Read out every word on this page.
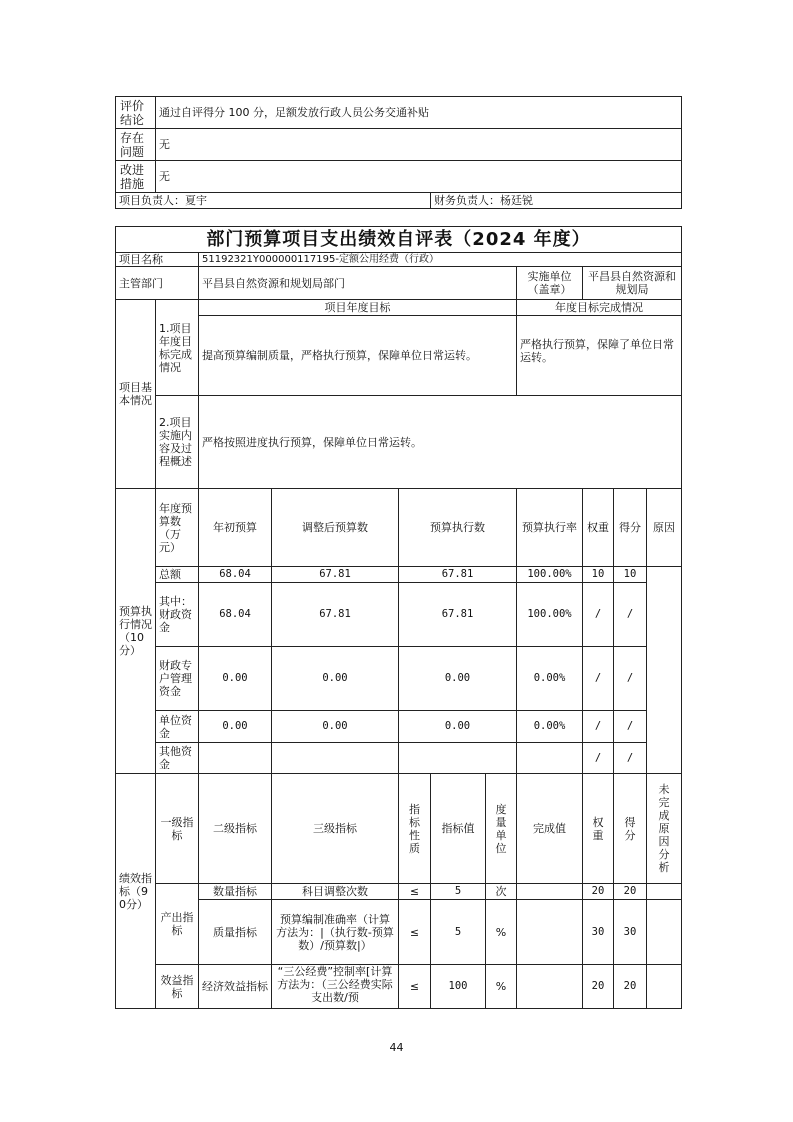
评价结论	通过自评得分 100 分，足额发放行政人员公务交通补贴	
存在问题	无	
改进措施	无	
项目负责人：夏宇		财务负责人：杨廷锐
部门预算项目支出绩效自评表（2024 年度）										
项目名称		51192321Y000000117195-定额公用经费（行政）								
主管部门		平昌县自然资源和规划局部门					实施单位（盖章）	平昌县自然资源和规划局		
项目基本情况	1.项目年度目标完成情况	项目年度目标					年度目标完成情况			
		提高预算编制质量，严格执行预算，保障单位日常运转。					严格执行预算，保障了单位日常运转。			
	2.项目实施内容及过程概述	严格按照进度执行预算，保障单位日常运转。								
预算执行情况（10分）	年度预算数（万元）	年初预算	调整后预算数	预算执行数			预算执行率	权重	得分	原因
	总额	68.04	67.81	67.81			100.00%	10	10	
	其中：财政资金	68.04	67.81	67.81			100.00%	/	/	
	财政专户管理资金	0.00	0.00	0.00			0.00%	/	/	
	单位资金	0.00	0.00	0.00			0.00%	/	/	
	其他资金							/	/	
绩效指标（90分）	一级指标	二级指标	三级指标	指标性质	指标值	度量单位	完成值	权重	得分	未完成原因分析
	产出指标	数量指标	科目调整次数	≤	5	次		20	20	
		质量指标	预算编制准确率（计算方法为：|（执行数-预算数）/预算数|）	≤	5	%		30	30	
	效益指标	经济效益指标	“三公经费”控制率[计算方法为：（三公经费实际支出数/预	≤	100	%		20	20	
44
